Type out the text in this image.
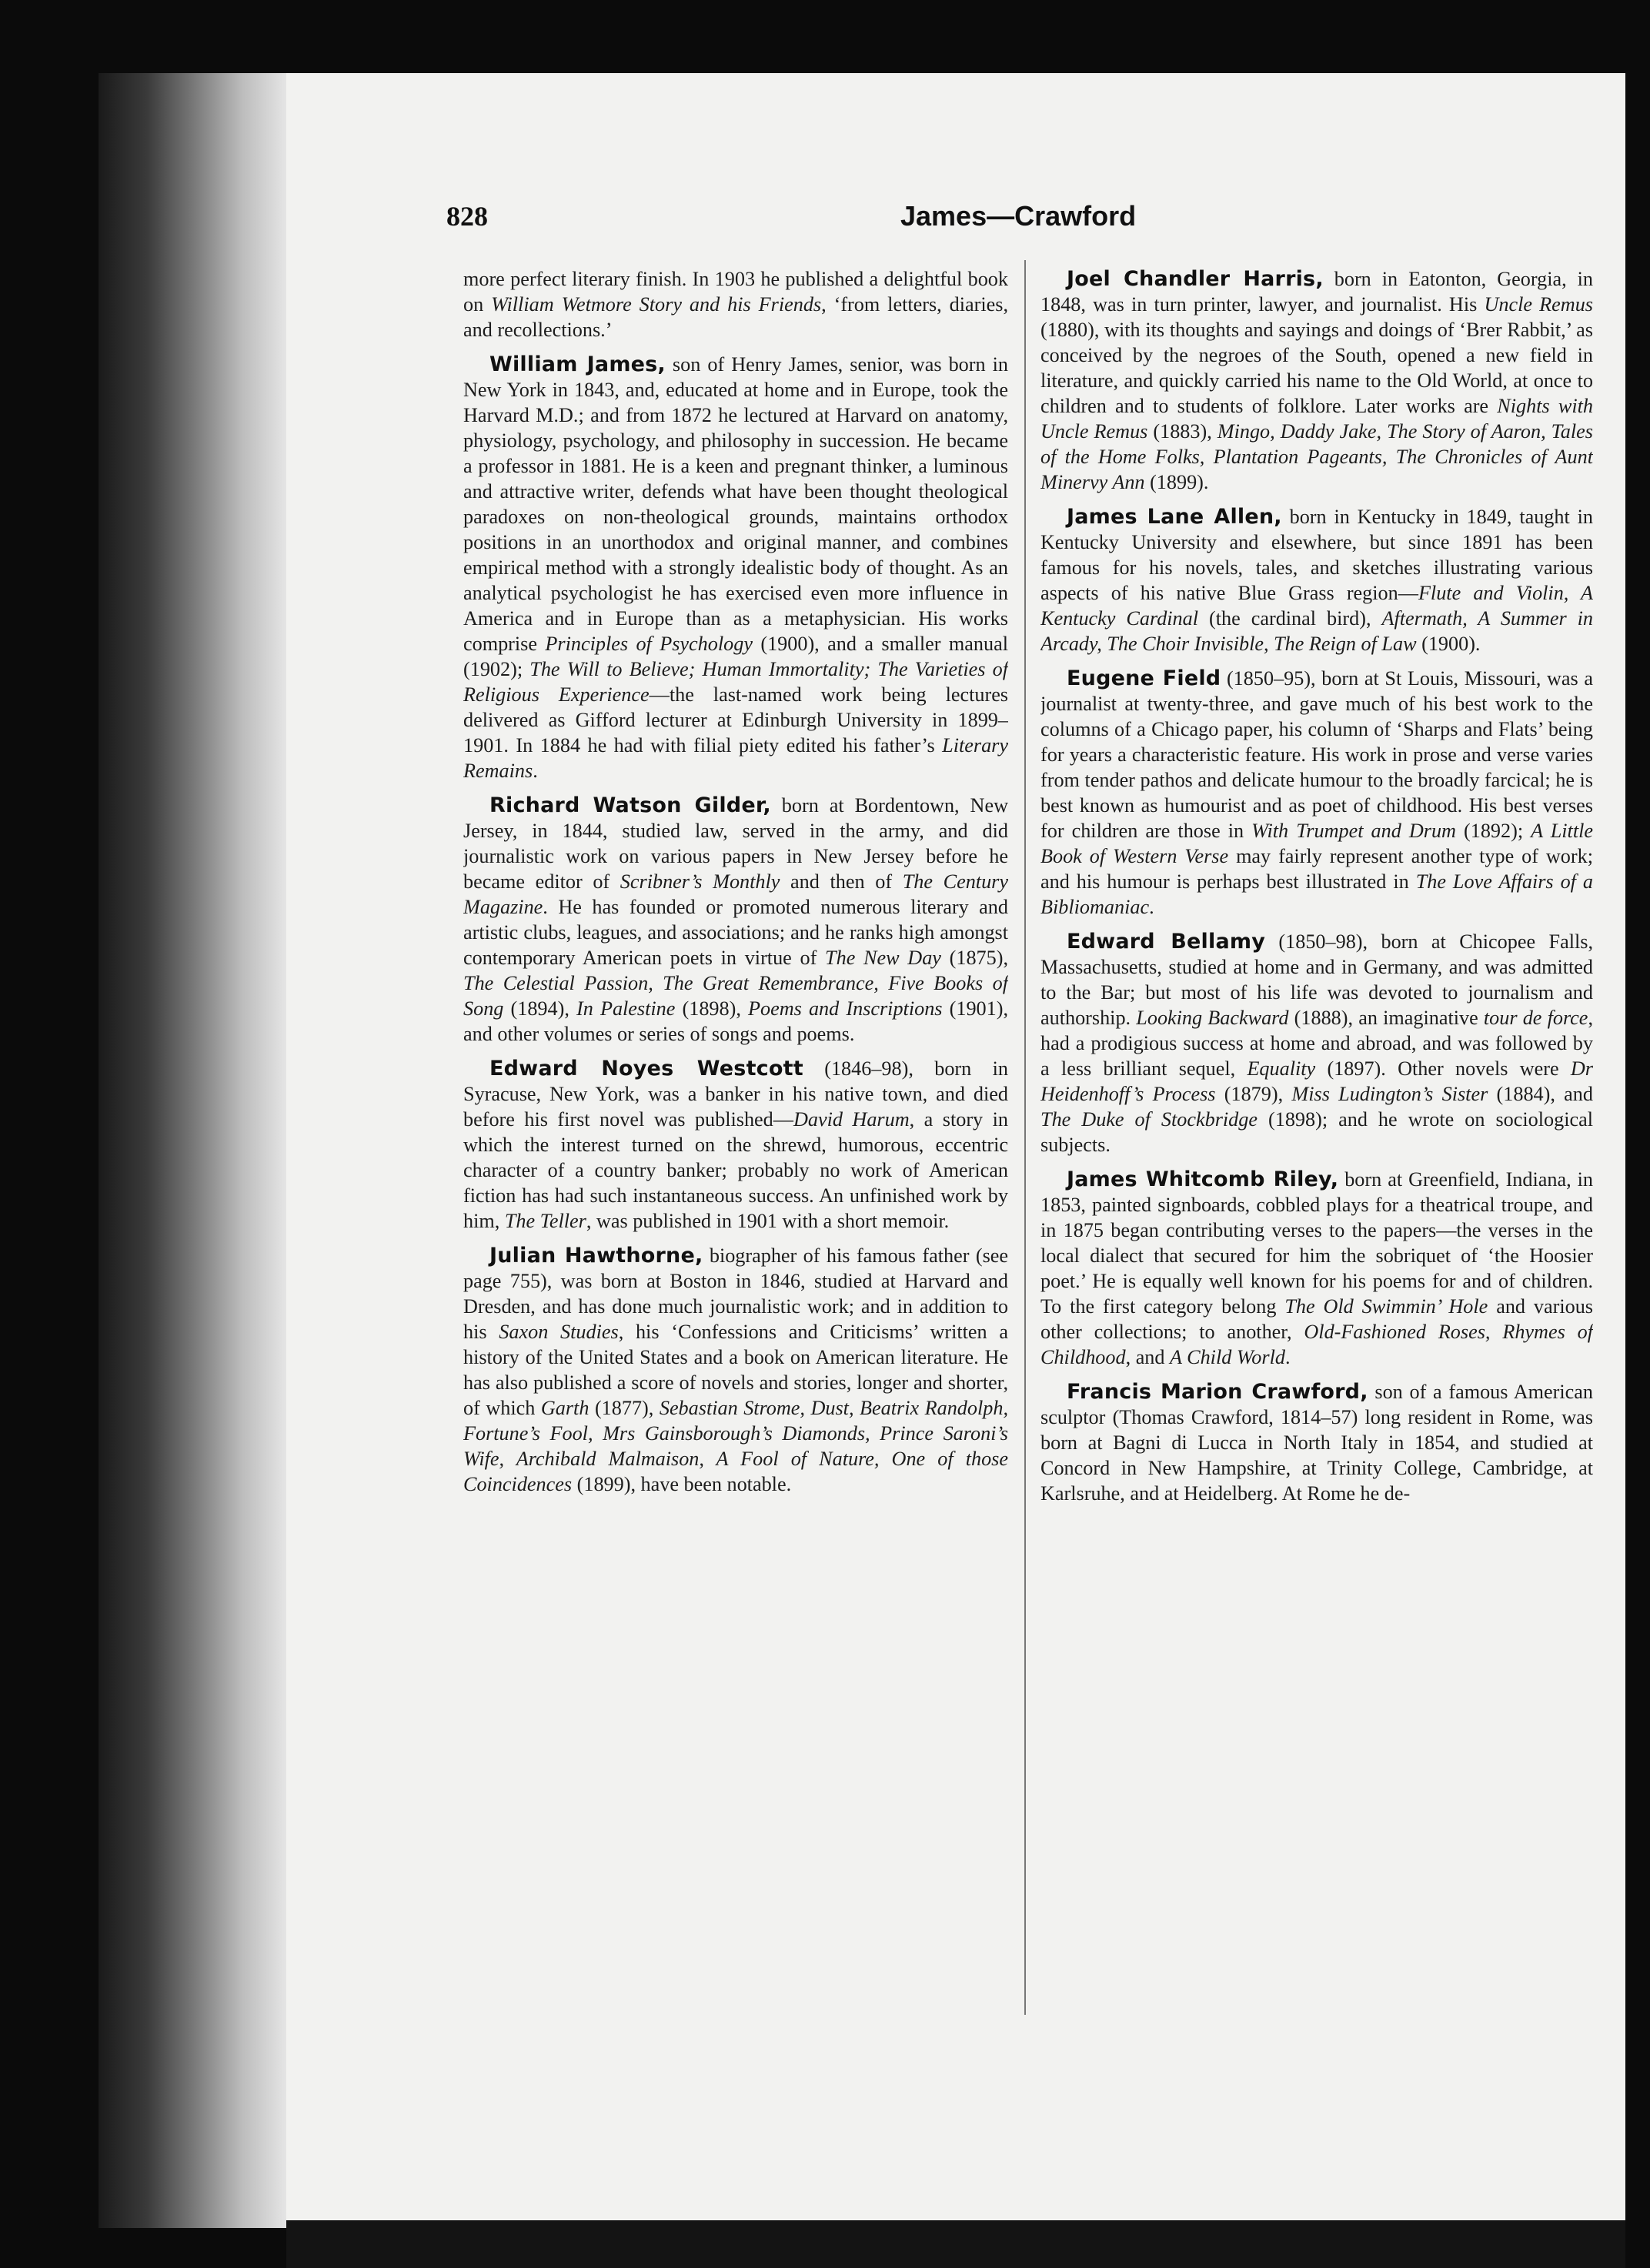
828	James—Crawford

more perfect literary finish. In 1903 he published a delightful book on William Wetmore Story and his Friends, ‘from letters, diaries, and recollections.’

William James, son of Henry James, senior, was born in New York in 1843, and, educated at home and in Europe, took the Harvard M.D.; and from 1872 he lectured at Harvard on anatomy, physiology, psychology, and philosophy in succession. He became a professor in 1881. He is a keen and pregnant thinker, a luminous and attractive writer, defends what have been thought theological paradoxes on non-theological grounds, maintains orthodox positions in an unorthodox and original manner, and combines empirical method with a strongly idealistic body of thought. As an analytical psychologist he has exercised even more influence in America and in Europe than as a metaphysician. His works comprise Principles of Psychology (1900), and a smaller manual (1902); The Will to Believe; Human Immortality; The Varieties of Religious Experience—the last-named work being lectures delivered as Gifford lecturer at Edinburgh University in 1899–1901. In 1884 he had with filial piety edited his father’s Literary Remains.

Richard Watson Gilder, born at Bordentown, New Jersey, in 1844, studied law, served in the army, and did journalistic work on various papers in New Jersey before he became editor of Scribner’s Monthly and then of The Century Magazine. He has founded or promoted numerous literary and artistic clubs, leagues, and associations; and he ranks high amongst contemporary American poets in virtue of The New Day (1875), The Celestial Passion, The Great Remembrance, Five Books of Song (1894), In Palestine (1898), Poems and Inscriptions (1901), and other volumes or series of songs and poems.

Edward Noyes Westcott (1846–98), born in Syracuse, New York, was a banker in his native town, and died before his first novel was published—David Harum, a story in which the interest turned on the shrewd, humorous, eccentric character of a country banker; probably no work of American fiction has had such instantaneous success. An unfinished work by him, The Teller, was published in 1901 with a short memoir.

Julian Hawthorne, biographer of his famous father (see page 755), was born at Boston in 1846, studied at Harvard and Dresden, and has done much journalistic work; and in addition to his Saxon Studies, his ‘Confessions and Criticisms’ written a history of the United States and a book on American literature. He has also published a score of novels and stories, longer and shorter, of which Garth (1877), Sebastian Strome, Dust, Beatrix Randolph, Fortune’s Fool, Mrs Gainsborough’s Diamonds, Prince Saroni’s Wife, Archibald Malmaison, A Fool of Nature, One of those Coincidences (1899), have been notable.

Joel Chandler Harris, born in Eatonton, Georgia, in 1848, was in turn printer, lawyer, and journalist. His Uncle Remus (1880), with its thoughts and sayings and doings of ‘Brer Rabbit,’ as conceived by the negroes of the South, opened a new field in literature, and quickly carried his name to the Old World, at once to children and to students of folklore. Later works are Nights with Uncle Remus (1883), Mingo, Daddy Jake, The Story of Aaron, Tales of the Home Folks, Plantation Pageants, The Chronicles of Aunt Minervy Ann (1899).

James Lane Allen, born in Kentucky in 1849, taught in Kentucky University and elsewhere, but since 1891 has been famous for his novels, tales, and sketches illustrating various aspects of his native Blue Grass region—Flute and Violin, A Kentucky Cardinal (the cardinal bird), Aftermath, A Summer in Arcady, The Choir Invisible, The Reign of Law (1900).

Eugene Field (1850–95), born at St Louis, Missouri, was a journalist at twenty-three, and gave much of his best work to the columns of a Chicago paper, his column of ‘Sharps and Flats’ being for years a characteristic feature. His work in prose and verse varies from tender pathos and delicate humour to the broadly farcical; he is best known as humourist and as poet of childhood. His best verses for children are those in With Trumpet and Drum (1892); A Little Book of Western Verse may fairly represent another type of work; and his humour is perhaps best illustrated in The Love Affairs of a Bibliomaniac.

Edward Bellamy (1850–98), born at Chicopee Falls, Massachusetts, studied at home and in Germany, and was admitted to the Bar; but most of his life was devoted to journalism and authorship. Looking Backward (1888), an imaginative tour de force, had a prodigious success at home and abroad, and was followed by a less brilliant sequel, Equality (1897). Other novels were Dr Heidenhoff’s Process (1879), Miss Ludington’s Sister (1884), and The Duke of Stockbridge (1898); and he wrote on sociological subjects.

James Whitcomb Riley, born at Greenfield, Indiana, in 1853, painted signboards, cobbled plays for a theatrical troupe, and in 1875 began contributing verses to the papers—the verses in the local dialect that secured for him the sobriquet of ‘the Hoosier poet.’ He is equally well known for his poems for and of children. To the first category belong The Old Swimmin’ Hole and various other collections; to another, Old-Fashioned Roses, Rhymes of Childhood, and A Child World.

Francis Marion Crawford, son of a famous American sculptor (Thomas Crawford, 1814–57) long resident in Rome, was born at Bagni di Lucca in North Italy in 1854, and studied at Concord in New Hampshire, at Trinity College, Cambridge, at Karlsruhe, and at Heidelberg. At Rome he de-
